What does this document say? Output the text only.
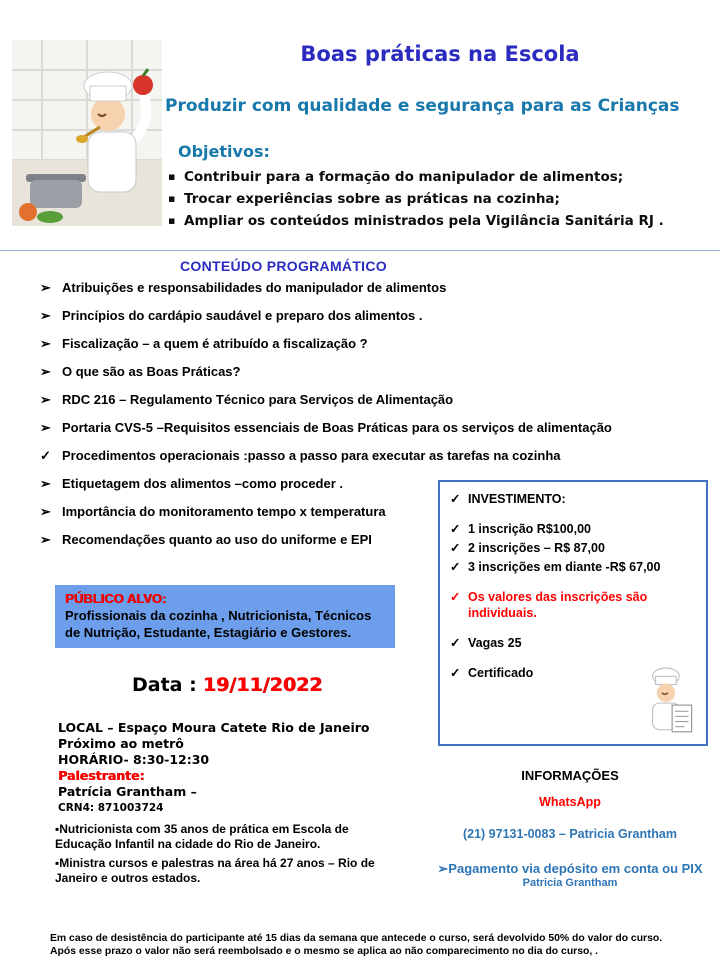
Boas práticas na Escola
Produzir com qualidade e segurança para as Crianças
Objetivos:
▪ Contribuir para a formação do manipulador de alimentos;
▪ Trocar experiências sobre as práticas na cozinha;
▪ Ampliar os conteúdos ministrados pela Vigilância Sanitária RJ .
CONTEÚDO PROGRAMÁTICO
➢ Atribuições e responsabilidades do manipulador de alimentos
➢ Princípios do cardápio saudável e preparo dos alimentos .
➢ Fiscalização – a quem é atribuído a fiscalização ?
➢ O que são as Boas Práticas?
➢ RDC 216 – Regulamento Técnico para Serviços de Alimentação
➢ Portaria CVS-5 –Requisitos essenciais de Boas Práticas para os serviços de alimentação
✓ Procedimentos operacionais :passo a passo para executar as tarefas na cozinha
➢ Etiquetagem dos alimentos –como proceder .
➢ Importância do monitoramento tempo x temperatura
➢ Recomendações quanto ao uso do uniforme e EPI
✓ INVESTIMENTO:
✓ 1 inscrição R$100,00
✓ 2 inscrições – R$ 87,00
✓ 3 inscrições em diante -R$ 67,00
✓ Os valores das inscrições são individuais.
✓ Vagas 25
✓ Certificado
PÚBLICO ALVO:
Profissionais da cozinha , Nutricionista, Técnicos de Nutrição, Estudante, Estagiário e Gestores.
Data : 19/11/2022
LOCAL – Espaço Moura Catete Rio de Janeiro
Próximo ao metrô
HORÁRIO- 8:30-12:30
Palestrante:
Patrícia Grantham –
CRN4: 871003724

▪Nutricionista com 35 anos de prática em Escola de Educação Infantil na cidade do Rio de Janeiro.

▪Ministra cursos e palestras na área há 27 anos – Rio de Janeiro e outros estados.

INFORMAÇÕES
WhatsApp
(21) 97131-0083 – Patricia Grantham
➢Pagamento via depósito em conta ou PIX
Patricia Grantham
Em caso de desistência do participante até 15 dias da semana que antecede o curso, será devolvido 50% do valor do curso.
Após esse prazo o valor não será reembolsado e o mesmo se aplica ao não comparecimento no dia do curso, .
